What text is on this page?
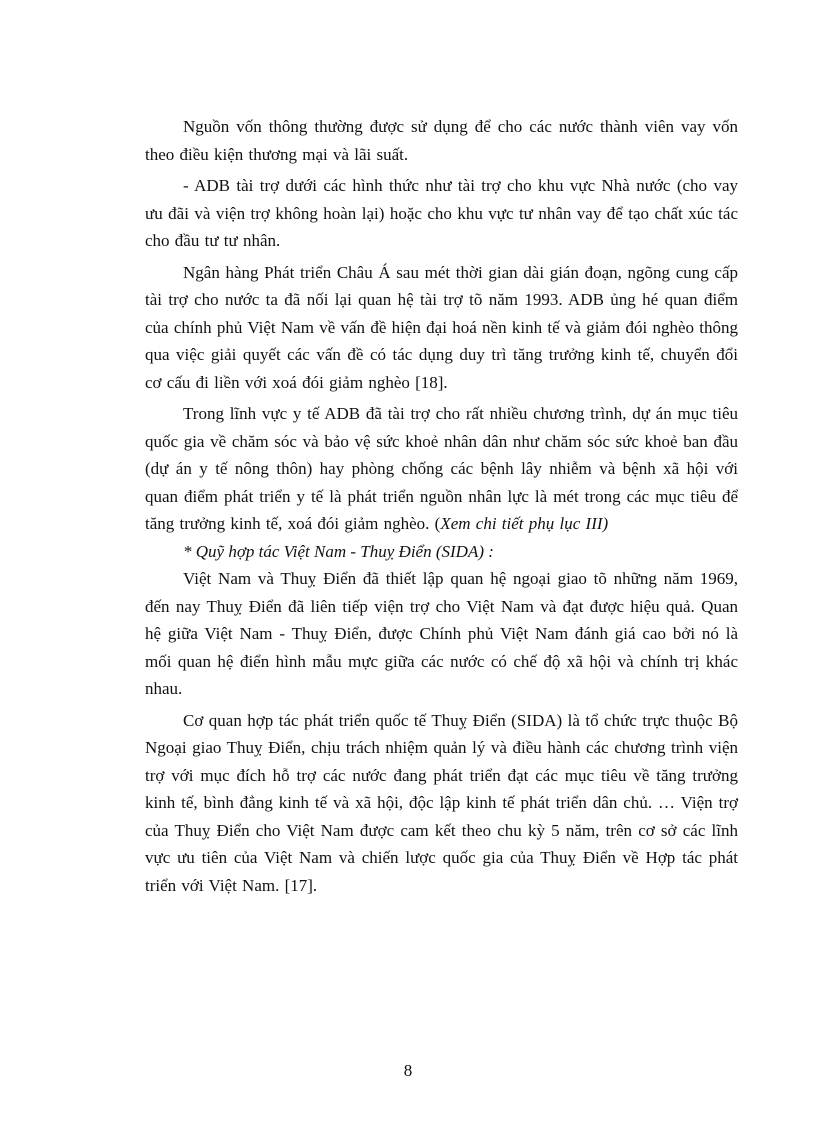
Nguồn vốn thông thường được sử dụng để cho các nước thành viên vay vốn theo điều kiện thương mại và lãi suất.

- ADB tài trợ dưới các hình thức như tài trợ cho khu vực Nhà nước (cho vay ưu đãi và viện trợ không hoàn lại) hoặc cho khu vực tư nhân vay để tạo chất xúc tác cho đầu tư tư nhân.

Ngân hàng Phát triển Châu Á sau mét thời gian dài gián đoạn, ngõng cung cấp tài trợ cho nước ta đã nối lại quan hệ tài trợ tõ năm 1993. ADB ủng hé quan điểm của chính phủ Việt Nam về vấn đề hiện đại hoá nền kinh tế và giảm đói nghèo thông qua việc giải quyết các vấn đề có tác dụng duy trì tăng trưởng kinh tế, chuyển đổi cơ cấu đi liền với xoá đói giảm nghèo [18].

Trong lĩnh vực y tế ADB đã tài trợ cho rất nhiều chương trình, dự án mục tiêu quốc gia về chăm sóc và bảo vệ sức khoẻ nhân dân như chăm sóc sức khoẻ ban đầu (dự án y tế nông thôn) hay phòng chống các bệnh lây nhiễm và bệnh xã hội với quan điểm phát triển y tế là phát triển nguồn nhân lực là mét trong các mục tiêu để tăng trưởng kinh tế, xoá đói giảm nghèo. (Xem chi tiết phụ lục III)

* Quỹ hợp tác Việt Nam - Thuỵ Điển (SIDA) :

Việt Nam và Thuỵ Điển đã thiết lập quan hệ ngoại giao tõ những năm 1969, đến nay Thuỵ Điển đã liên tiếp viện trợ cho Việt Nam và đạt được hiệu quả. Quan hệ giữa Việt Nam - Thuỵ Điển, được Chính phủ Việt Nam đánh giá cao bởi nó là mối quan hệ điển hình mẫu mực giữa các nước có chế độ xã hội và chính trị khác nhau.

Cơ quan hợp tác phát triển quốc tế Thuỵ Điển (SIDA) là tổ chức trực thuộc Bộ Ngoại giao Thuỵ Điển, chịu trách nhiệm quản lý và điều hành các chương trình viện trợ với mục đích hỗ trợ các nước đang phát triển đạt các mục tiêu về tăng trưởng kinh tế, bình đẳng kinh tế và xã hội, độc lập kinh tế phát triển dân chủ. … Viện trợ của Thuỵ Điển cho Việt Nam được cam kết theo chu kỳ 5 năm, trên cơ sở các lĩnh vực ưu tiên của Việt Nam và chiến lược quốc gia của Thuỵ Điển về Hợp tác phát triển với Việt Nam. [17].

8
